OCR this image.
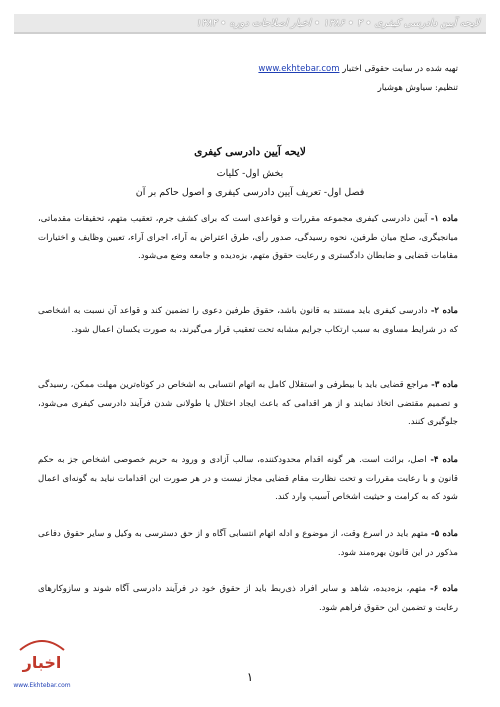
لایحه آیین دادرسی کیفری • ۲ • ۱۳۸۶ • اخبار اصلاحات دوره • ۱۳۸۲
تهیه شده در سایت حقوقی اختبار www.ekhtebar.com
تنظیم: سیاوش هوشیار
لایحه آیین دادرسی کیفری
بخش اول- کلیات
فصل اول- تعریف آیین دادرسی کیفری و اصول حاکم بر آن
ماده ۱- آیین دادرسی کیفری مجموعه مقررات و قواعدی است که برای کشف جرم، تعقیب متهم، تحقیقات مقدماتی، میانجیگری، صلح میان طرفین، نحوه رسیدگی، صدور رأی، طرق اعتراض به آراء، اجرای آراء، تعیین وظایف و اختیارات مقامات قضایی و ضابطان دادگستری و رعایت حقوق متهم، بزه‌دیده و جامعه وضع می‌شود.
ماده ۲- دادرسی کیفری باید مستند به قانون باشد، حقوق طرفین دعوی را تضمین کند و قواعد آن نسبت به اشخاصی که در شرایط مساوی به سبب ارتکاب جرایم مشابه تحت تعقیب قرار می‌گیرند، به صورت یکسان اعمال شود.
ماده ۳- مراجع قضایی باید با بیطرفی و استقلال کامل به اتهام انتسابی به اشخاص در کوتاه‌ترین مهلت ممکن، رسیدگی و تصمیم مقتضی اتخاذ نمایند و از هر اقدامی که باعث ایجاد اختلال یا طولانی شدن فرآیند دادرسی کیفری می‌شود، جلوگیری کنند.
ماده ۴- اصل، برائت است. هر گونه اقدام محدودکننده، سالب آزادی و ورود به حریم خصوصی اشخاص جز به حکم قانون و با رعایت مقررات و تحت نظارت مقام قضایی مجاز نیست و در هر صورت این اقدامات نباید به گونه‌ای اعمال شود که به کرامت و حیثیت اشخاص آسیب وارد کند.
ماده ۵- متهم باید در اسرع وقت، از موضوع و ادله اتهام انتسابی آگاه و از حق دسترسی به وکیل و سایر حقوق دفاعی مذکور در این قانون بهره‌مند شود.
ماده ۶- متهم، بزه‌دیده، شاهد و سایر افراد ذی‌ربط باید از حقوق خود در فرآیند دادرسی آگاه شوند و سازوکارهای رعایت و تضمین این حقوق فراهم شود.
اخبار
www.Ekhtebar.com
۱
